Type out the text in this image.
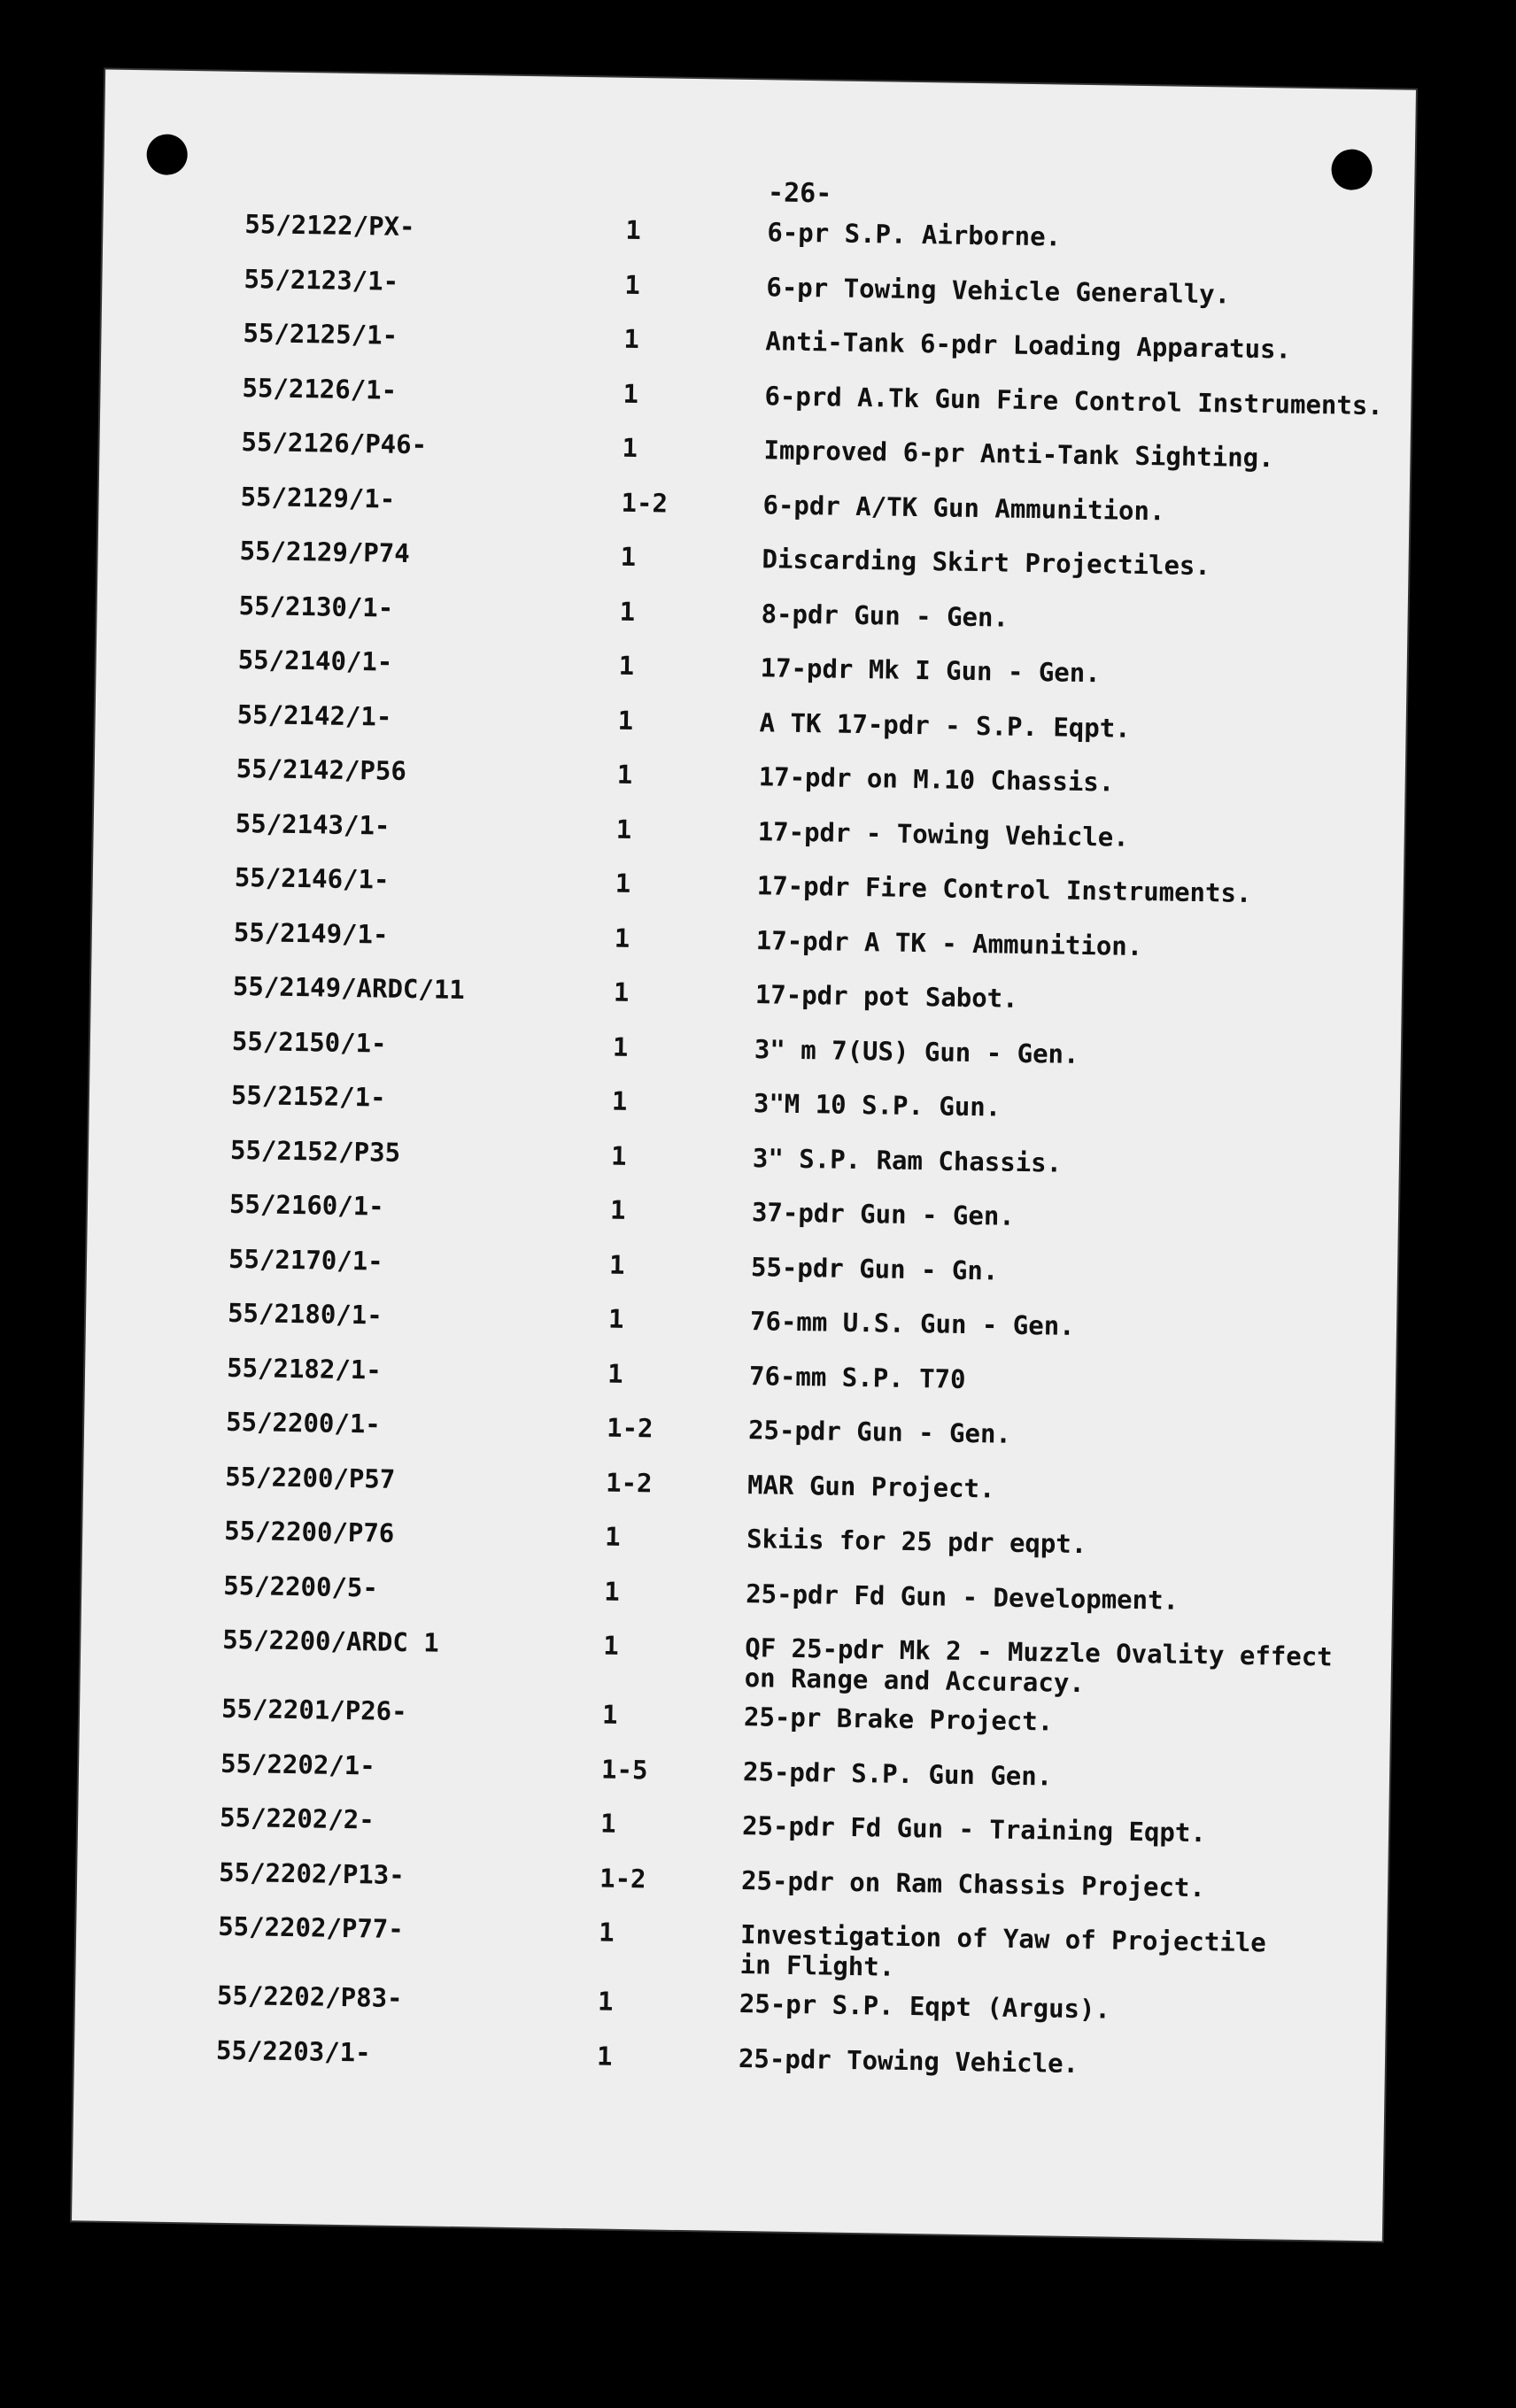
-26-
55/2122/PX-	1	6-pr S.P. Airborne.
55/2123/1-	1	6-pr Towing Vehicle Generally.
55/2125/1-	1	Anti-Tank 6-pdr Loading Apparatus.
55/2126/1-	1	6-prd A.Tk Gun Fire Control Instruments.
55/2126/P46-	1	Improved 6-pr Anti-Tank Sighting.
55/2129/1-	1-2	6-pdr A/TK Gun Ammunition.
55/2129/P74	1	Discarding Skirt Projectiles.
55/2130/1-	1	8-pdr Gun - Gen.
55/2140/1-	1	17-pdr Mk I Gun - Gen.
55/2142/1-	1	A TK 17-pdr - S.P. Eqpt.
55/2142/P56	1	17-pdr on M.10 Chassis.
55/2143/1-	1	17-pdr - Towing Vehicle.
55/2146/1-	1	17-pdr Fire Control Instruments.
55/2149/1-	1	17-pdr A TK - Ammunition.
55/2149/ARDC/11	1	17-pdr pot Sabot.
55/2150/1-	1	3" m 7(US) Gun - Gen.
55/2152/1-	1	3"M 10 S.P. Gun.
55/2152/P35	1	3" S.P. Ram Chassis.
55/2160/1-	1	37-pdr Gun - Gen.
55/2170/1-	1	55-pdr Gun - Gn.
55/2180/1-	1	76-mm U.S. Gun - Gen.
55/2182/1-	1	76-mm S.P. T70
55/2200/1-	1-2	25-pdr Gun - Gen.
55/2200/P57	1-2	MAR Gun Project.
55/2200/P76	1	Skiis for 25 pdr eqpt.
55/2200/5-	1	25-pdr Fd Gun - Development.
55/2200/ARDC 1	1	QF 25-pdr Mk 2 - Muzzle Ovality effect
on Range and Accuracy.
55/2201/P26-	1	25-pr Brake Project.
55/2202/1-	1-5	25-pdr S.P. Gun Gen.
55/2202/2-	1	25-pdr Fd Gun - Training Eqpt.
55/2202/P13-	1-2	25-pdr on Ram Chassis Project.
55/2202/P77-	1	Investigation of Yaw of Projectile
in Flight.
55/2202/P83-	1	25-pr S.P. Eqpt (Argus).
55/2203/1-	1	25-pdr Towing Vehicle.
